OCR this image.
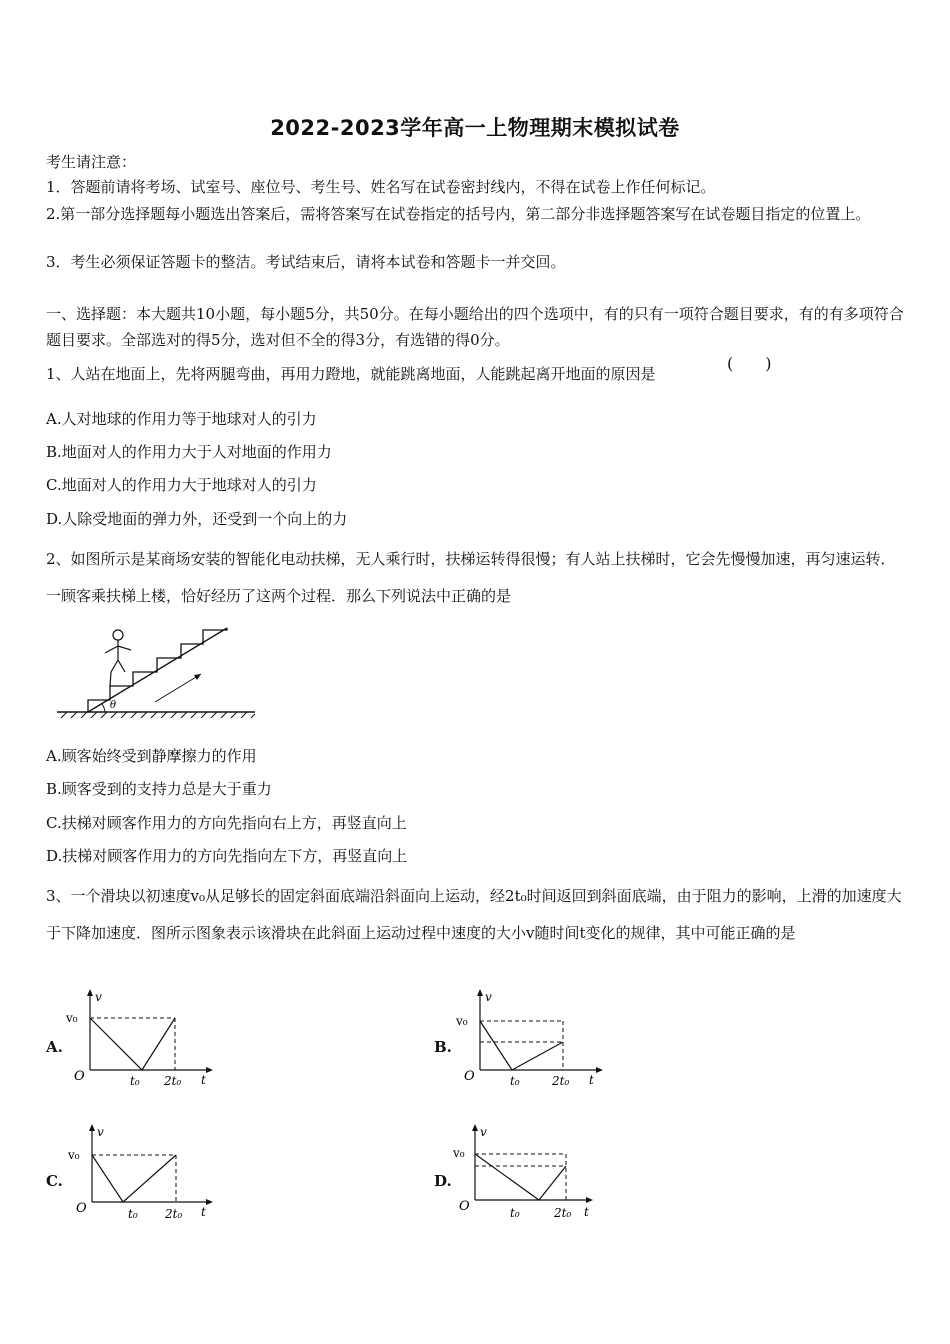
2022-2023学年高一上物理期末模拟试卷
考生请注意：
1．答题前请将考场、试室号、座位号、考生号、姓名写在试卷密封线内，不得在试卷上作任何标记。
2.第一部分选择题每小题选出答案后，需将答案写在试卷指定的括号内，第二部分非选择题答案写在试卷题目指定的位置上。
3．考生必须保证答题卡的整洁。考试结束后，请将本试卷和答题卡一并交回。
一、选择题：本大题共10小题，每小题5分，共50分。在每小题给出的四个选项中，有的只有一项符合题目要求，有的有多项符合题目要求。全部选对的得5分，选对但不全的得3分，有选错的得0分。
1、人站在地面上，先将两腿弯曲，再用力蹬地，就能跳离地面，人能跳起离开地面的原因是
(　　)
A.人对地球的作用力等于地球对人的引力
B.地面对人的作用力大于人对地面的作用力
C.地面对人的作用力大于地球对人的引力
D.人除受地面的弹力外，还受到一个向上的力
2、如图所示是某商场安装的智能化电动扶梯，无人乘行时，扶梯运转得很慢；有人站上扶梯时，它会先慢慢加速，再匀速运转．一顾客乘扶梯上楼，恰好经历了这两个过程．那么下列说法中正确的是
θ
A.顾客始终受到静摩擦力的作用
B.顾客受到的支持力总是大于重力
C.扶梯对顾客作用力的方向先指向右上方，再竖直向上
D.扶梯对顾客作用力的方向先指向左下方，再竖直向上
3、一个滑块以初速度v₀从足够长的固定斜面底端沿斜面向上运动，经2t₀时间返回到斜面底端，由于阻力的影响，上滑的加速度大于下降加速度．图所示图象表示该滑块在此斜面上运动过程中速度的大小v随时间t变化的规律，其中可能正确的是
A.	B.
C.	D.
v
v₀
O	t₀ 2t₀ t
v
v₀
O	t₀	2t₀ t
v
v₀
O	t₀ 2t₀ t
v
v₀
O	t₀	2t₀ t
